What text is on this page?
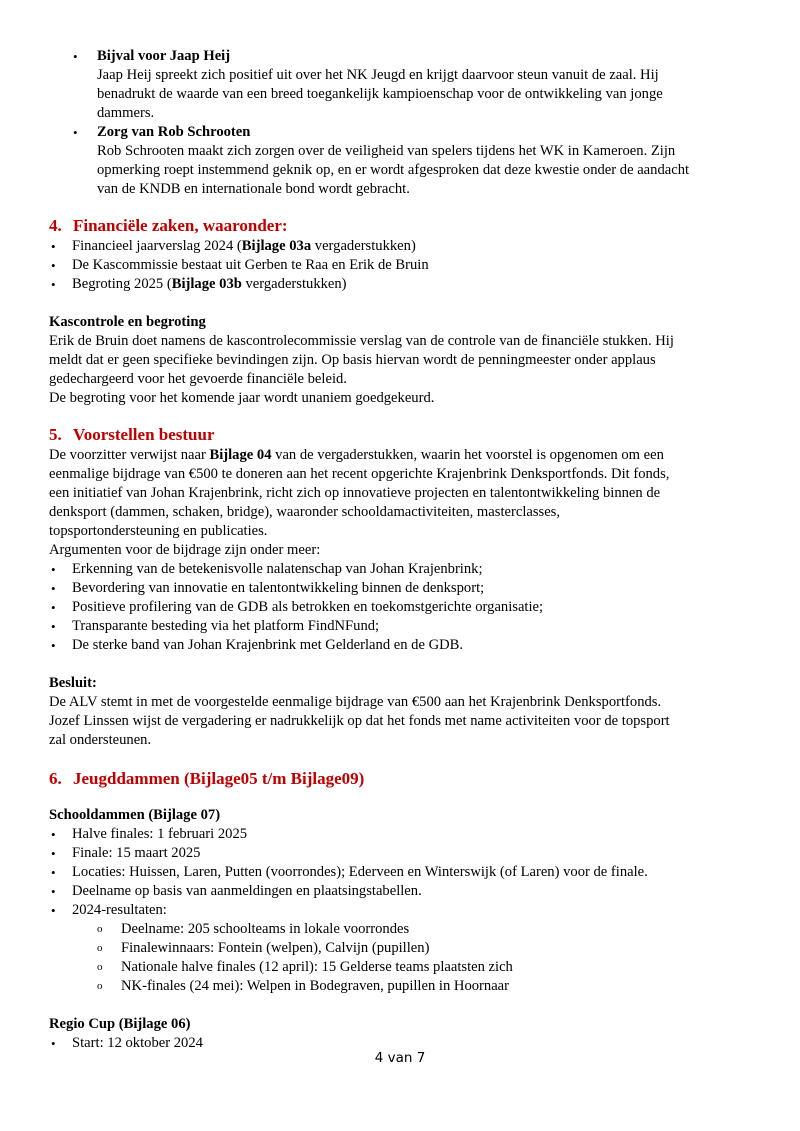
• Bijval voor Jaap Heij

Jaap Heij spreekt zich positief uit over het NK Jeugd en krijgt daarvoor steun vanuit de zaal. Hij

benadrukt de waarde van een breed toegankelijk kampioenschap voor de ontwikkeling van jonge

dammers.

• Zorg van Rob Schrooten

Rob Schrooten maakt zich zorgen over de veiligheid van spelers tijdens het WK in Kameroen. Zijn

opmerking roept instemmend geknik op, en er wordt afgesproken dat deze kwestie onder de aandacht

van de KNDB en internationale bond wordt gebracht.

4. Financiële zaken, waaronder:

• Financieel jaarverslag 2024 (Bijlage 03a vergaderstukken)
• De Kascommissie bestaat uit Gerben te Raa en Erik de Bruin
• Begroting 2025 (Bijlage 03b vergaderstukken)

Kascontrole en begroting

Erik de Bruin doet namens de kascontrolecommissie verslag van de controle van de financiële stukken. Hij

meldt dat er geen specifieke bevindingen zijn. Op basis hiervan wordt de penningmeester onder applaus

gedechargeerd voor het gevoerde financiële beleid.

De begroting voor het komende jaar wordt unaniem goedgekeurd.

5. Voorstellen bestuur

De voorzitter verwijst naar Bijlage 04 van de vergaderstukken, waarin het voorstel is opgenomen om een

eenmalige bijdrage van €500 te doneren aan het recent opgerichte Krajenbrink Denksportfonds. Dit fonds,

een initiatief van Johan Krajenbrink, richt zich op innovatieve projecten en talentontwikkeling binnen de

denksport (dammen, schaken, bridge), waaronder schooldamactiviteiten, masterclasses,

topsportondersteuning en publicaties.

Argumenten voor de bijdrage zijn onder meer:

• Erkenning van de betekenisvolle nalatenschap van Johan Krajenbrink;
• Bevordering van innovatie en talentontwikkeling binnen de denksport;
• Positieve profilering van de GDB als betrokken en toekomstgerichte organisatie;
• Transparante besteding via het platform FindNFund;
• De sterke band van Johan Krajenbrink met Gelderland en de GDB.

Besluit:

De ALV stemt in met de voorgestelde eenmalige bijdrage van €500 aan het Krajenbrink Denksportfonds.

Jozef Linssen wijst de vergadering er nadrukkelijk op dat het fonds met name activiteiten voor de topsport

zal ondersteunen.

6. Jeugddammen (Bijlage05 t/m Bijlage09)

Schooldammen (Bijlage 07)

• Halve finales: 1 februari 2025
• Finale: 15 maart 2025
• Locaties: Huissen, Laren, Putten (voorrondes); Ederveen en Winterswijk (of Laren) voor de finale.
• Deelname op basis van aanmeldingen en plaatsingstabellen.
• 2024-resultaten:
o Deelname: 205 schoolteams in lokale voorrondes
o Finalewinnaars: Fontein (welpen), Calvijn (pupillen)
o Nationale halve finales (12 april): 15 Gelderse teams plaatsten zich
o NK-finales (24 mei): Welpen in Bodegraven, pupillen in Hoornaar

Regio Cup (Bijlage 06)

• Start: 12 oktober 2024
4 van 7
